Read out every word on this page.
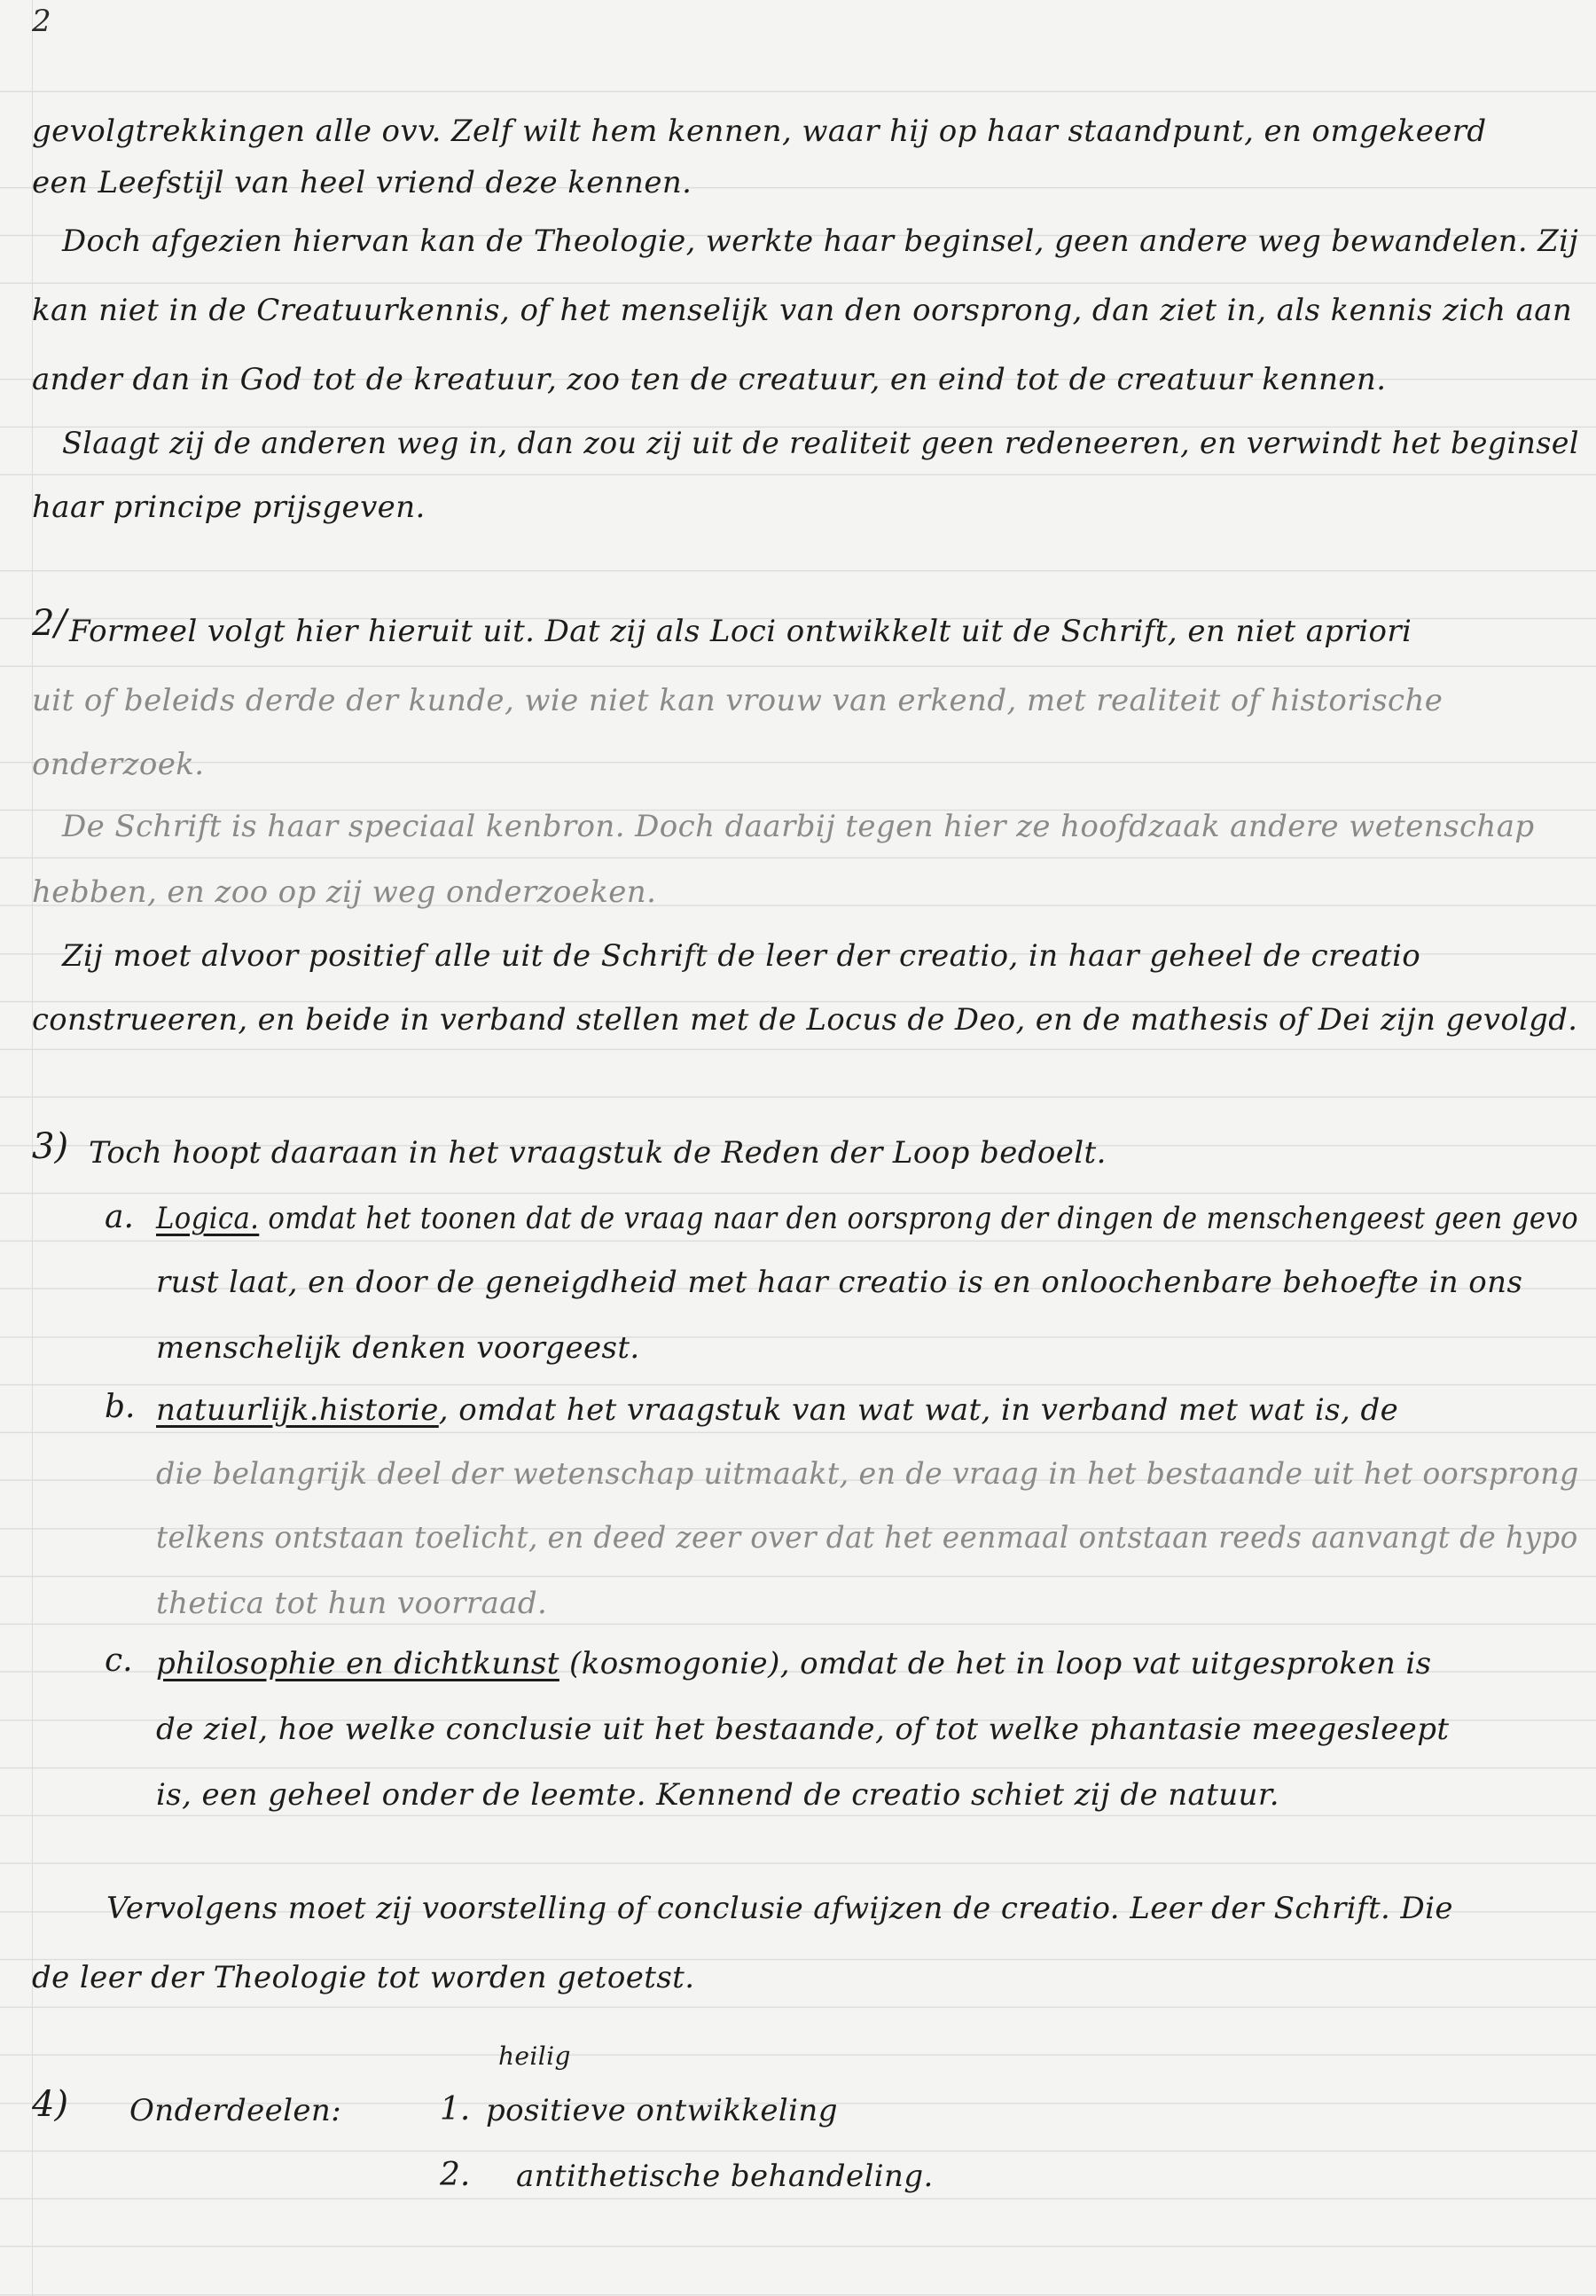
2
gevolgtrekkingen alle ovv. Zelf wilt hem kennen, waar hij op haar staandpunt, en omgekeerd
een Leefstijl van heel vriend deze kennen.
Doch afgezien hiervan kan de Theologie, werkte haar beginsel, geen andere weg bewandelen. Zij
kan niet in de Creatuurkennis, of het menselijk van den oorsprong, dan ziet in, als kennis zich aan
ander dan in God tot de kreatuur, zoo ten de creatuur, en eind tot de creatuur kennen.
Slaagt zij de anderen weg in, dan zou zij uit de realiteit geen redeneeren, en verwindt het beginsel
haar principe prijsgeven.
2/ Formeel volgt hier hieruit uit. Dat zij als Loci ontwikkelt uit de Schrift, en niet apriori
uit of beleids derde der kunde, wie niet kan vrouw van erkend, met realiteit of historische
onderzoek.
De Schrift is haar speciaal kenbron. Doch daarbij tegen hier ze hoofdzaak andere wetenschap
hebben, en zoo op zij weg onderzoeken.
Zij moet alvoor positief alle uit de Schrift de leer der creatio, in haar geheel de creatio
construeeren, en beide in verband stellen met de Locus de Deo, en de mathesis of Dei zijn gevolgd.
3) Toch hoopt daaraan in het vraagstuk de Reden der Loop bedoelt.
a. Logica. omdat het toonen dat de vraag naar den oorsprong der dingen de menschengeest geen gevo
rust laat, en door de geneigdheid met haar creatio is en onloochenbare behoefte in ons
menschelijk denken voorgeest.
b. natuurlijk.historie, omdat het vraagstuk van wat wat, in verband met wat is, de
die belangrijk deel der wetenschap uitmaakt, en de vraag in het bestaande uit het oorsprong
telkens ontstaan toelicht, en deed zeer over dat het eenmaal ontstaan reeds aanvangt de hypo
thetica tot hun voorraad.
c. philosophie en dichtkunst (kosmogonie), omdat de het in loop vat uitgesproken is
de ziel, hoe welke conclusie uit het bestaande, of tot welke phantasie meegesleept
is, een geheel onder de leemte. Kennend de creatio schiet zij de natuur.
Vervolgens moet zij voorstelling of conclusie afwijzen de creatio. Leer der Schrift. Die
de leer der Theologie tot worden getoetst.
heilig
4) Onderdeelen:	1. positieve ontwikkeling
2. antithetische behandeling.
